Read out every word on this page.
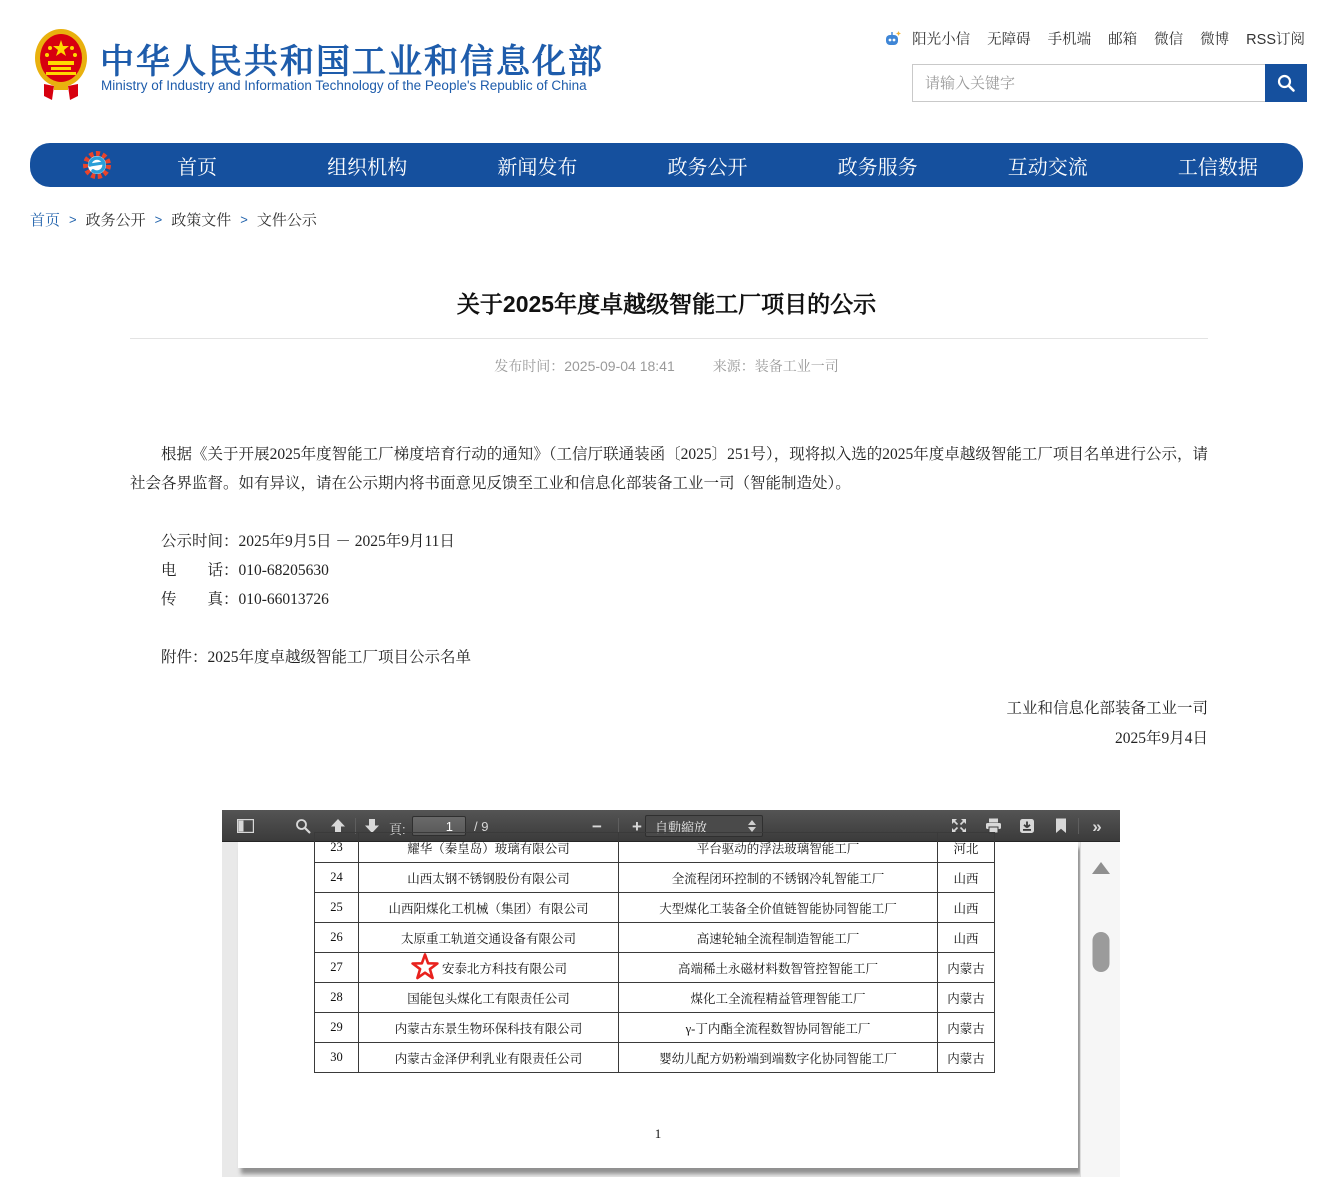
中华人民共和国工业和信息化部
Ministry of Industry and Information Technology of the People's Republic of China
阳光小信 无障碍 手机端 邮箱 微信 微博 RSS订阅
请输入关键字
首页	组织机构	新闻发布	政务公开	政务服务	互动交流	工信数据
首页 > 政务公开 > 政策文件 > 文件公示
关于2025年度卓越级智能工厂项目的公示
发布时间：2025-09-04 18:41	来源：装备工业一司

根据《关于开展2025年度智能工厂梯度培育行动的通知》（工信厅联通装函〔2025〕251号），现将拟入选的2025年度卓越级智能工厂项目名单进行公示，请社会各界监督。如有异议，请在公示期内将书面意见反馈至工业和信息化部装备工业一司（智能制造处）。

公示时间：2025年9月5日 － 2025年9月11日

电　　话：010-68205630

传　　真：010-66013726

附件：2025年度卓越级智能工厂项目公示名单

工业和信息化部装备工业一司

2025年9月4日

頁:
1	/ 9	− + 自動縮放	»
23	耀华（秦皇岛）玻璃有限公司	平台驱动的浮法玻璃智能工厂	河北
24	山西太钢不锈钢股份有限公司	全流程闭环控制的不锈钢冷轧智能工厂	山西
25	山西阳煤化工机械（集团）有限公司	大型煤化工装备全价值链智能协同智能工厂	山西
26	太原重工轨道交通设备有限公司	高速轮轴全流程制造智能工厂	山西
27	安泰北方科技有限公司	高端稀土永磁材料数智管控智能工厂	内蒙古
28	国能包头煤化工有限责任公司	煤化工全流程精益管理智能工厂	内蒙古
29	内蒙古东景生物环保科技有限公司	γ-丁内酯全流程数智协同智能工厂	内蒙古
30	内蒙古金泽伊利乳业有限责任公司	婴幼儿配方奶粉端到端数字化协同智能工厂	内蒙古
1
